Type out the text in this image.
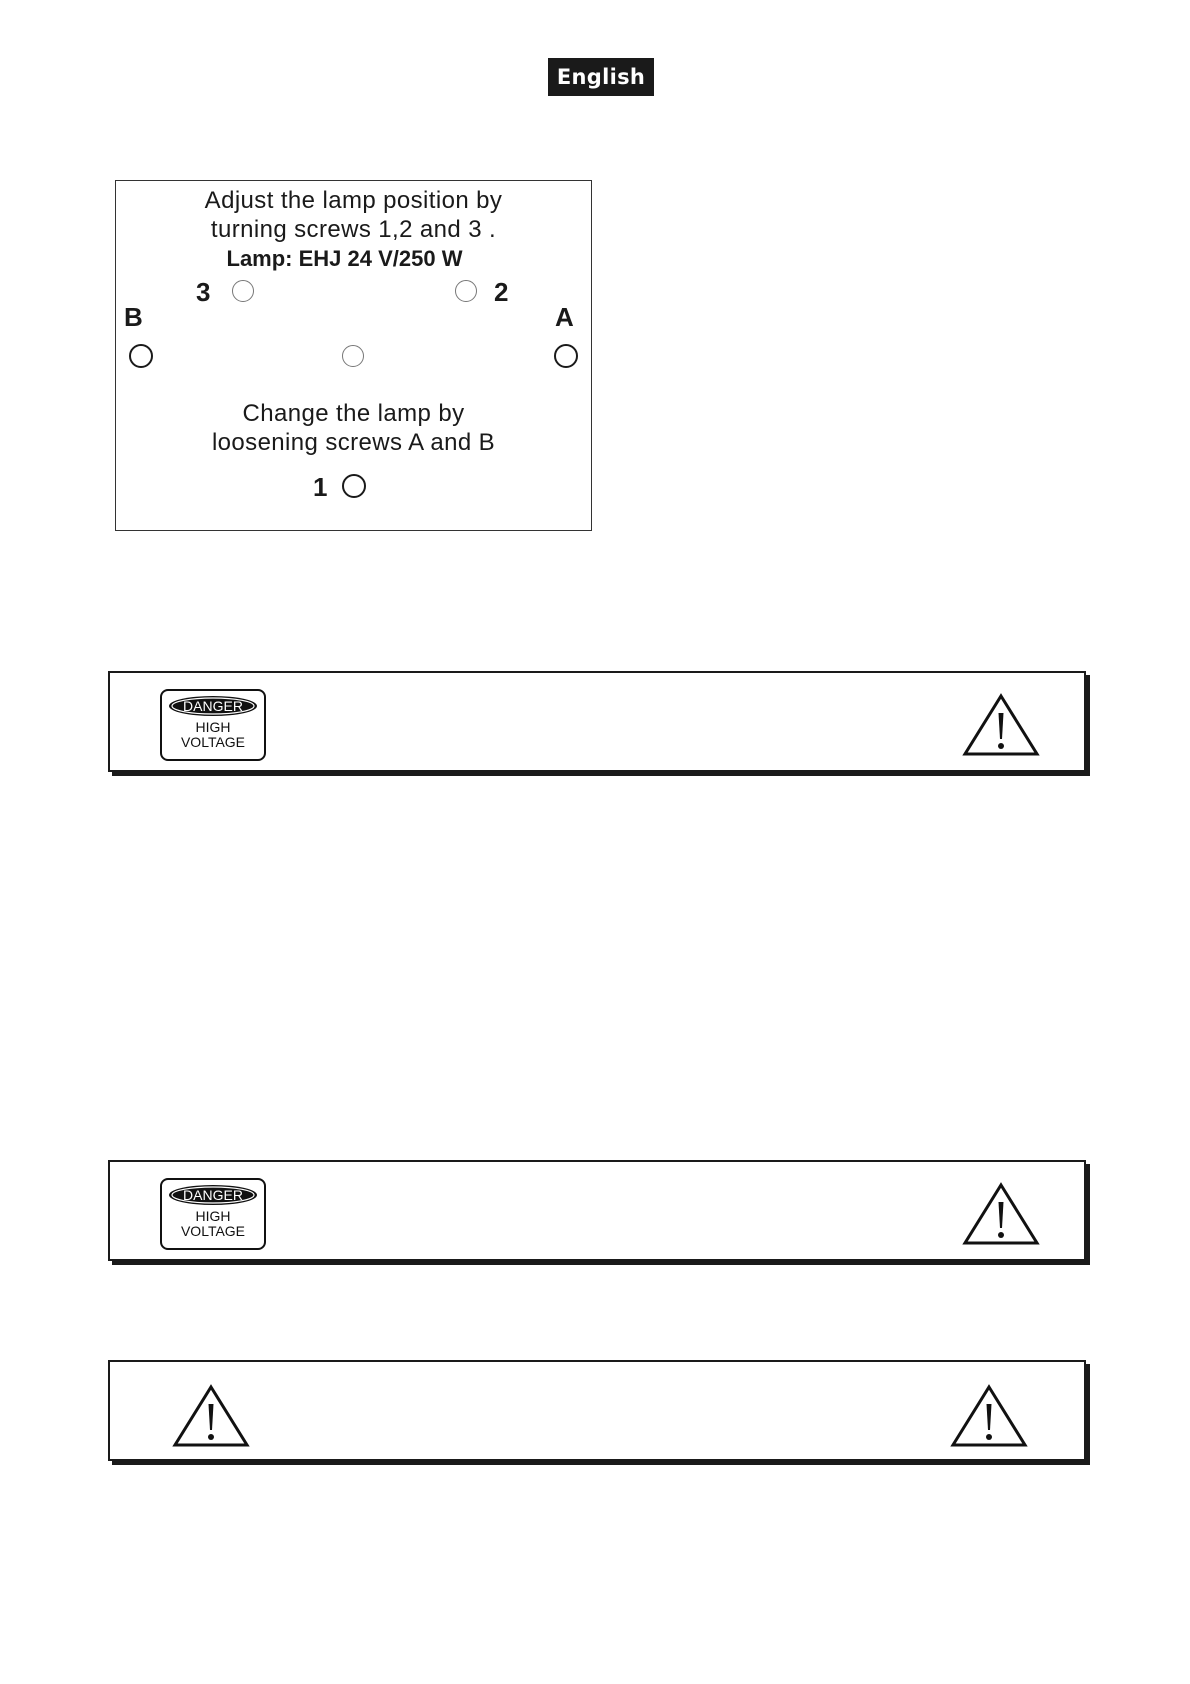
English
Adjust the lamp position by
turning screws 1,2 and 3 .
Lamp: EHJ 24 V/250 W
3	2
B	A
Change the lamp by
loosening screws A and B
1
DANGER
HIGH
VOLTAGE
DANGER
HIGH
VOLTAGE
